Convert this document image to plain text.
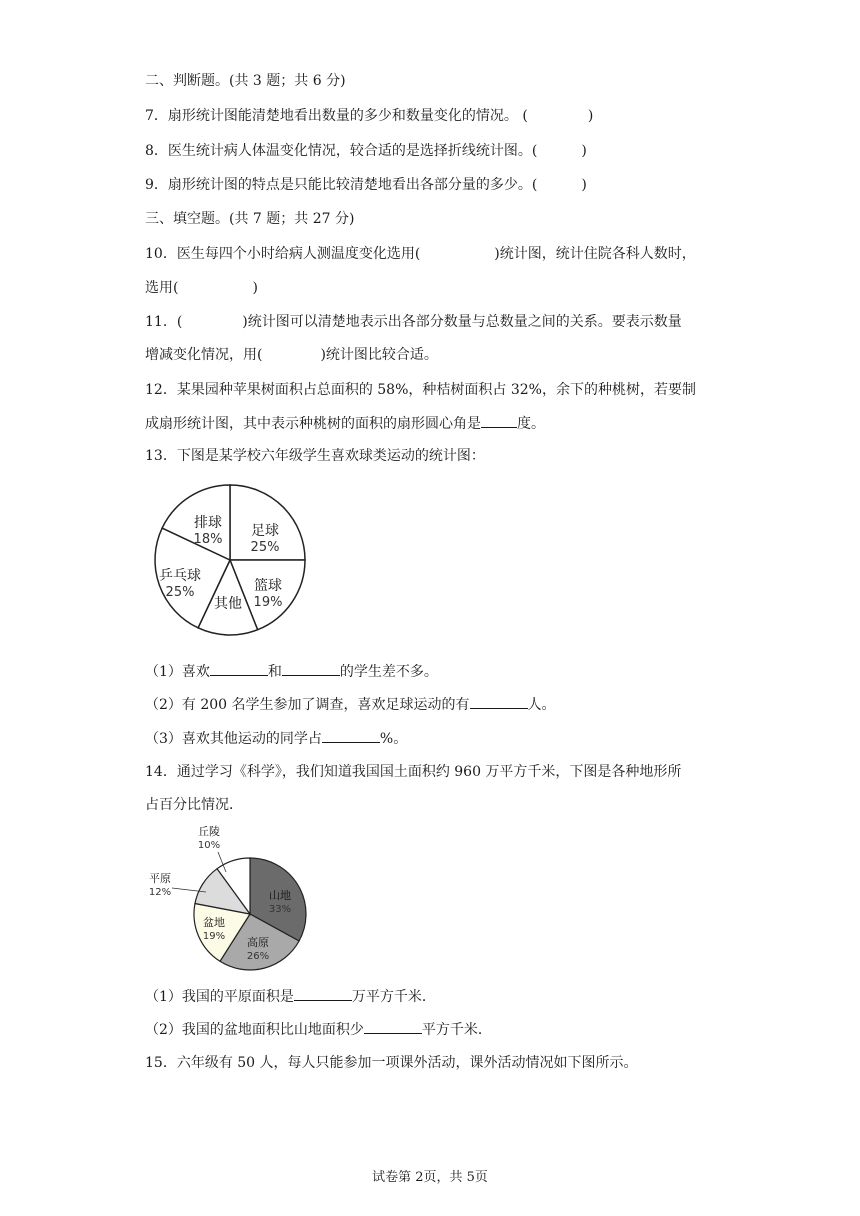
二、判断题。(共 3 题；共 6 分)
7．扇形统计图能清楚地看出数量的多少和数量变化的情况。 (	)
8．医生统计病人体温变化情况，较合适的是选择折线统计图。(	)
9．扇形统计图的特点是只能比较清楚地看出各部分量的多少。(	)
三、填空题。(共 7 题；共 27 分)
10．医生每四个小时给病人测温度变化选用(	)统计图，统计住院各科人数时，
选用(	)
11．(	)统计图可以清楚地表示出各部分数量与总数量之间的关系。要表示数量
增减变化情况，用(	)统计图比较合适。
12．某果园种苹果树面积占总面积的 58%，种桔树面积占 32%，余下的种桃树，若要制
成扇形统计图，其中表示种桃树的面积的扇形圆心角是	度。
13．下图是某学校六年级学生喜欢球类运动的统计图：
足球
25%
篮球
19%
其他
乒乓球
25%
排球
18%
（1）喜欢	和	的学生差不多。
（2）有 200 名学生参加了调查，喜欢足球运动的有	人。
（3）喜欢其他运动的同学占	%。
14．通过学习《科学》，我们知道我国国土面积约 960 万平方千米，下图是各种地形所
占百分比情况．
山地
33%
高原
26%
盆地
19%
平原
12%
丘陵
10%
（1）我国的平原面积是	万平方千米．
（2）我国的盆地面积比山地面积少	平方千米．
15．六年级有 50 人，每人只能参加一项课外活动，课外活动情况如下图所示。
试卷第 2页，共 5页
